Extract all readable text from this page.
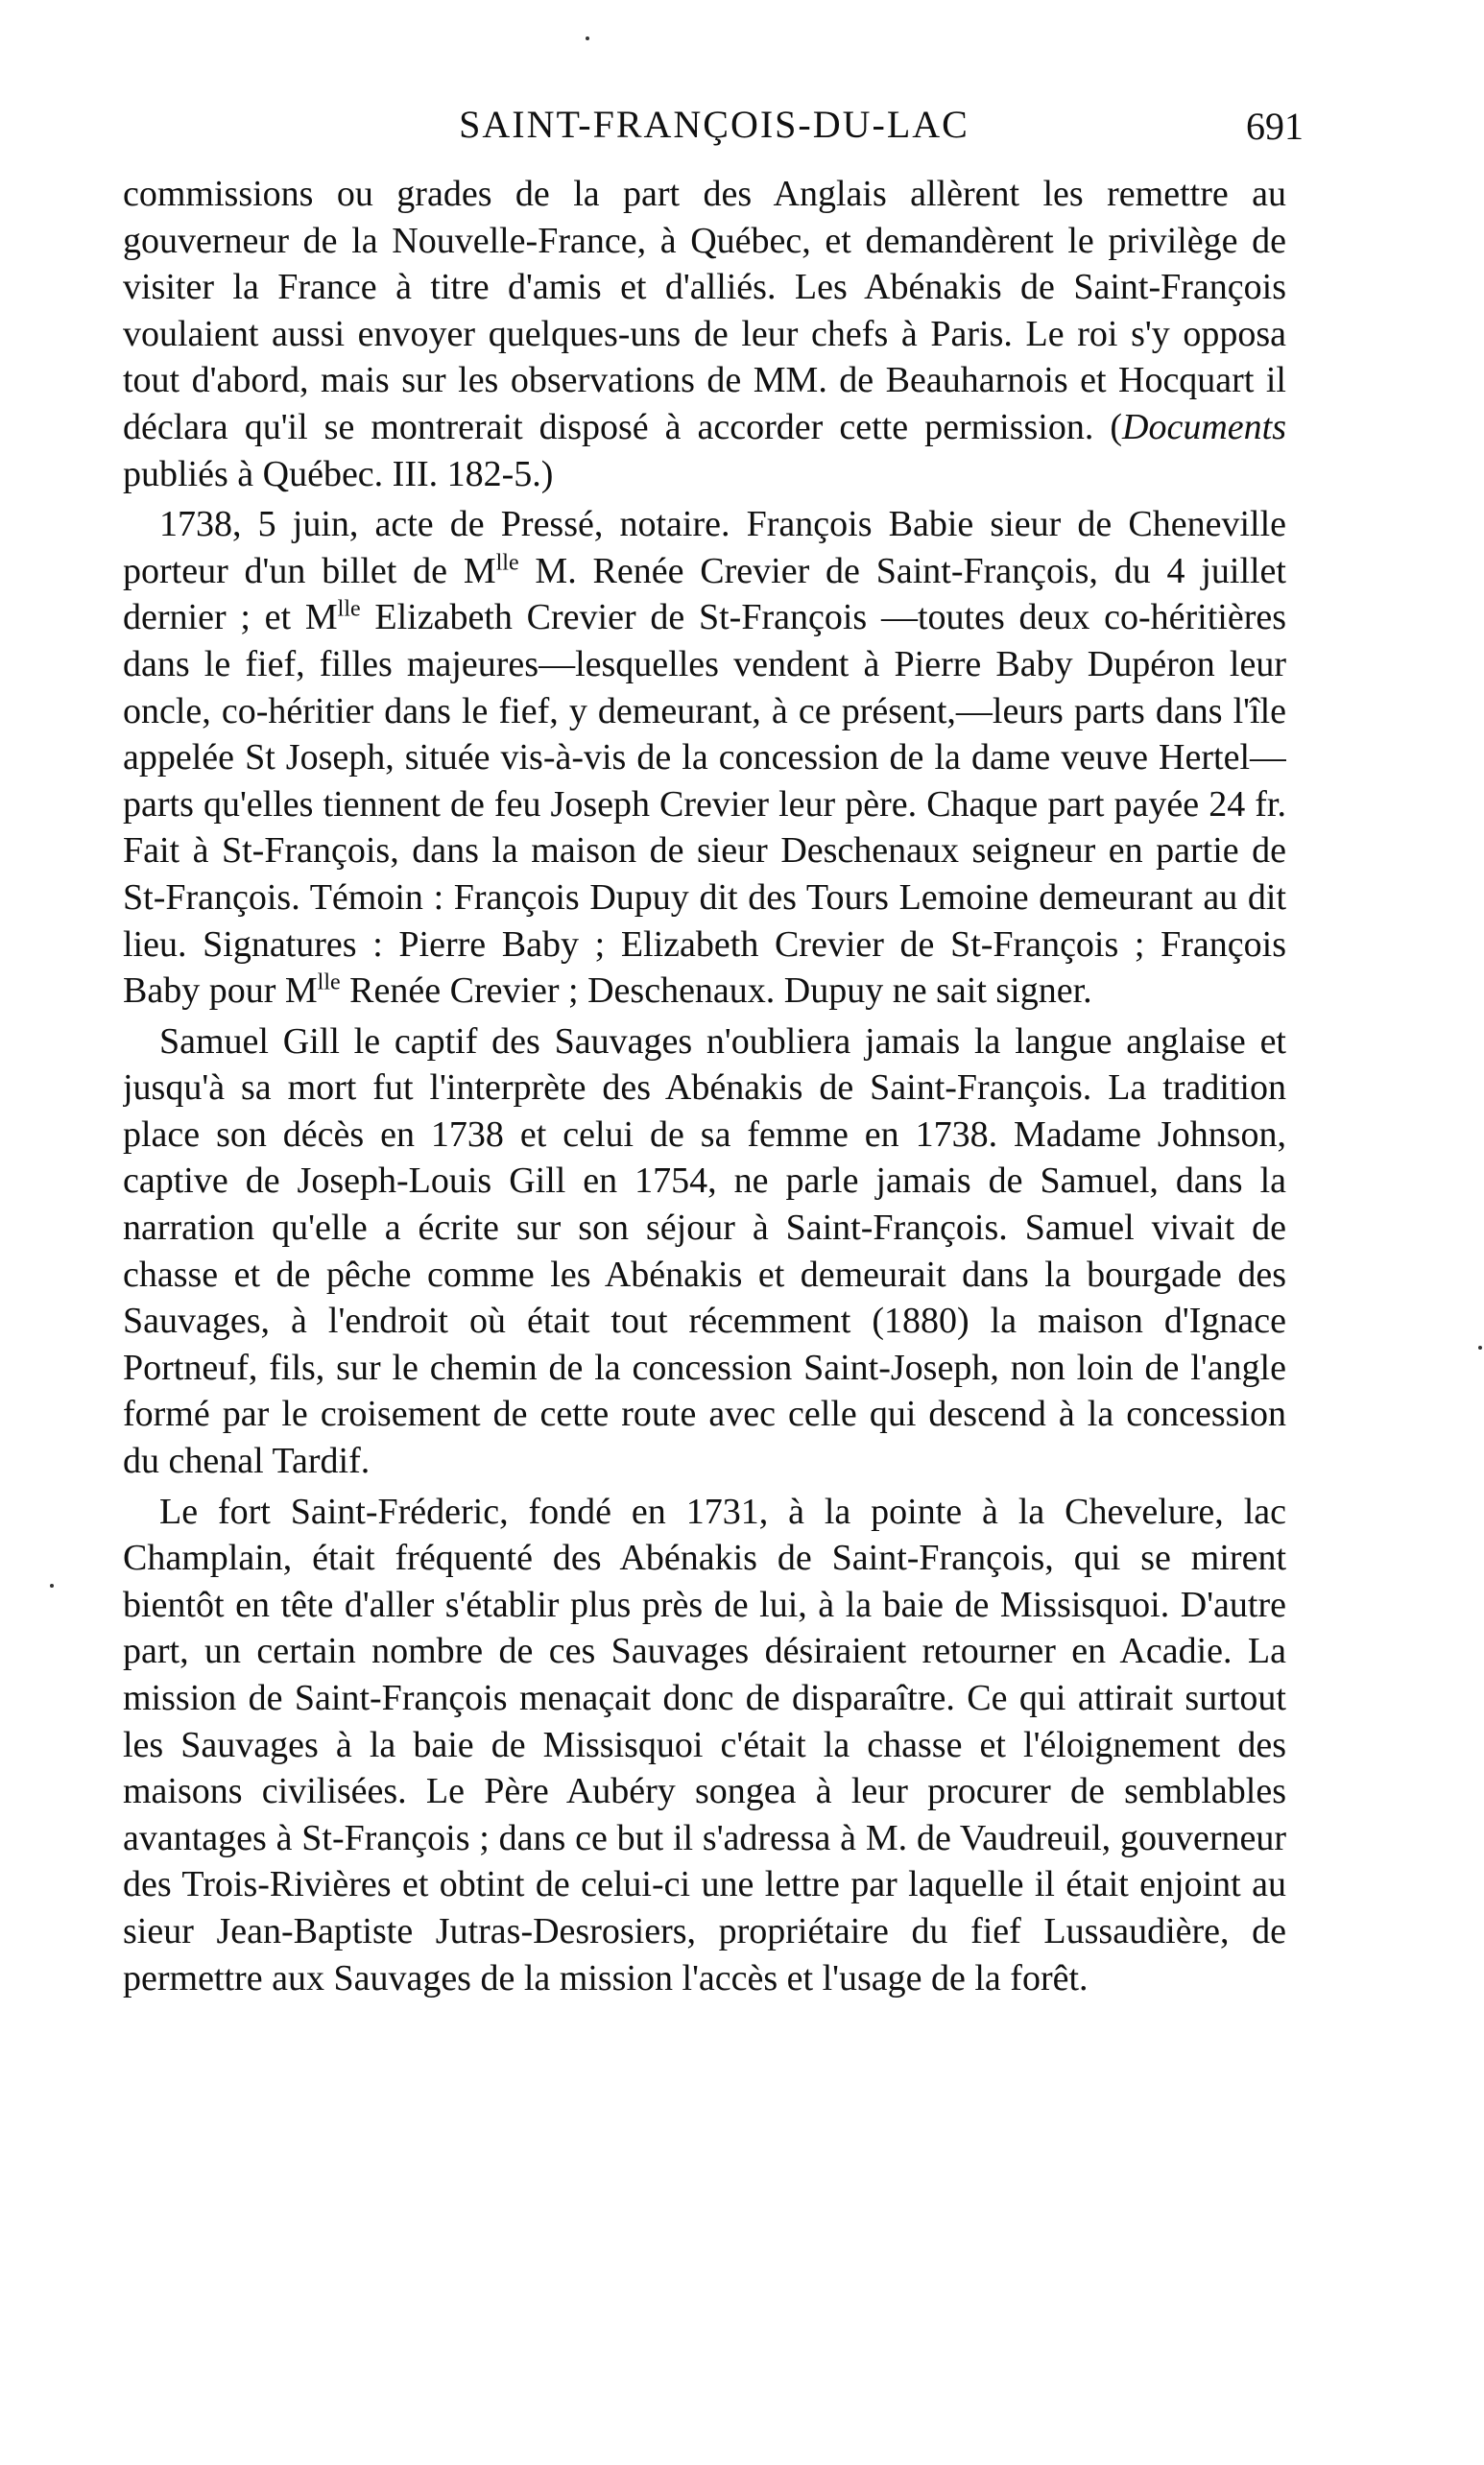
SAINT-FRANÇOIS-DU-LAC	691

commissions ou grades de la part des Anglais allèrent les remettre au gouverneur de la Nouvelle-France, à Québec, et demandèrent le privilège de visiter la France à titre d'amis et d'alliés. Les Abénakis de Saint-François voulaient aussi envoyer quelques-uns de leur chefs à Paris. Le roi s'y opposa tout d'abord, mais sur les observations de MM. de Beauharnois et Hocquart il déclara qu'il se montrerait disposé à accorder cette permission. (Documents publiés à Québec. III. 182-5.)

1738, 5 juin, acte de Pressé, notaire. François Babie sieur de Cheneville porteur d'un billet de $M^{lle}$ M. Renée Crevier de Saint-François, du 4 juillet dernier ; et $M^{lle}$ Elizabeth Crevier de St-François —toutes deux co-héritières dans le fief, filles majeures—lesquelles vendent à Pierre Baby Dupéron leur oncle, co-héritier dans le fief, y demeurant, à ce présent,—leurs parts dans l'île appelée St Joseph, située vis-à-vis de la concession de la dame veuve Hertel—parts qu'elles tiennent de feu Joseph Crevier leur père. Chaque part payée 24 fr. Fait à St-François, dans la maison de sieur Deschenaux seigneur en partie de St-François. Témoin : François Dupuy dit des Tours Lemoine demeurant au dit lieu. Signatures : Pierre Baby ; Elizabeth Crevier de St-François ; François Baby pour $M^{lle}$ Renée Crevier ; Deschenaux. Dupuy ne sait signer.

Samuel Gill le captif des Sauvages n'oubliera jamais la langue anglaise et jusqu'à sa mort fut l'interprète des Abénakis de Saint-François. La tradition place son décès en 1738 et celui de sa femme en 1738. Madame Johnson, captive de Joseph-Louis Gill en 1754, ne parle jamais de Samuel, dans la narration qu'elle a écrite sur son séjour à Saint-François. Samuel vivait de chasse et de pêche comme les Abénakis et demeurait dans la bourgade des Sauvages, à l'endroit où était tout récemment (1880) la maison d'Ignace Portneuf, fils, sur le chemin de la concession Saint-Joseph, non loin de l'angle formé par le croisement de cette route avec celle qui descend à la concession du chenal Tardif.

Le fort Saint-Fréderic, fondé en 1731, à la pointe à la Chevelure, lac Champlain, était fréquenté des Abénakis de Saint-François, qui se mirent bientôt en tête d'aller s'établir plus près de lui, à la baie de Missisquoi. D'autre part, un certain nombre de ces Sauvages désiraient retourner en Acadie. La mission de Saint-François menaçait donc de disparaître. Ce qui attirait surtout les Sauvages à la baie de Missisquoi c'était la chasse et l'éloignement des maisons civilisées. Le Père Aubéry songea à leur procurer de semblables avantages à St-François ; dans ce but il s'adressa à M. de Vaudreuil, gouverneur des Trois-Rivières et obtint de celui-ci une lettre par laquelle il était enjoint au sieur Jean-Baptiste Jutras-Desrosiers, propriétaire du fief Lussaudière, de permettre aux Sauvages de la mission l'accès et l'usage de la forêt.
